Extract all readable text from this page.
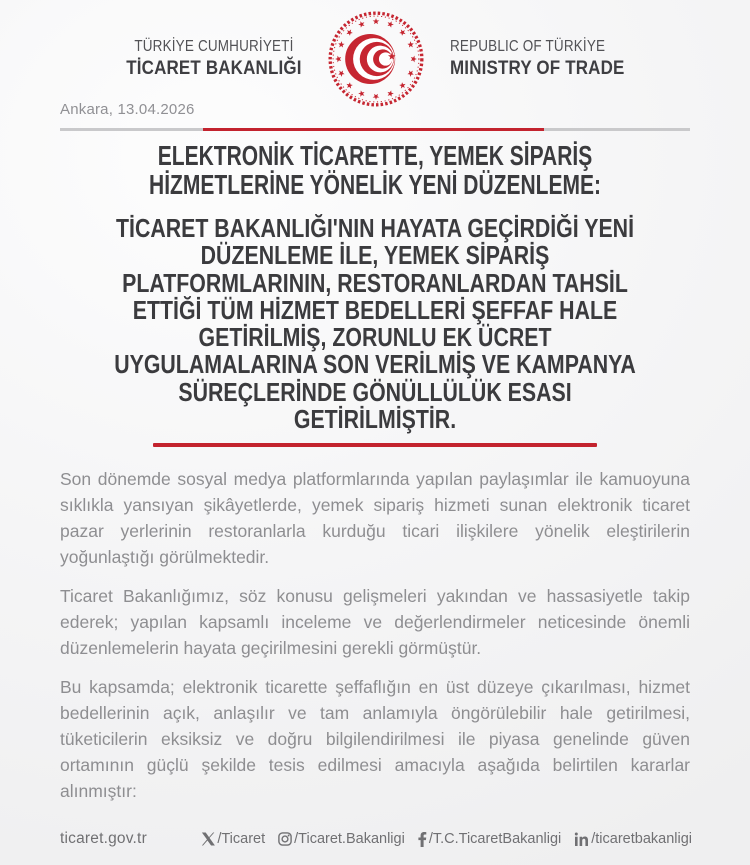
TÜRKİYE CUMHURİYETİ
TİCARET BAKANLIĞI
REPUBLIC OF TÜRKİYE
MINISTRY OF TRADE
Ankara, 13.04.2026
ELEKTRONİK TİCARETTE, YEMEK SİPARİŞ
HİZMETLERİNE YÖNELİK YENİ DÜZENLEME:
TİCARET BAKANLIĞI'NIN HAYATA GEÇİRDİĞİ YENİ
DÜZENLEME İLE, YEMEK SİPARİŞ
PLATFORMLARININ, RESTORANLARDAN TAHSİL
ETTİĞİ TÜM HİZMET BEDELLERİ ŞEFFAF HALE
GETİRİLMİŞ, ZORUNLU EK ÜCRET
UYGULAMALARINA SON VERİLMİŞ VE KAMPANYA
SÜREÇLERİNDE GÖNÜLLÜLÜK ESASI
GETİRİLMİŞTİR.

Son dönemde sosyal medya platformlarında yapılan paylaşımlar ile kamuoyuna sıklıkla yansıyan şikâyetlerde, yemek sipariş hizmeti sunan elektronik ticaret pazar yerlerinin restoranlarla kurduğu ticari ilişkilere yönelik eleştirilerin yoğunlaştığı görülmektedir.

Ticaret Bakanlığımız, söz konusu gelişmeleri yakından ve hassasiyetle takip ederek; yapılan kapsamlı inceleme ve değerlendirmeler neticesinde önemli düzenlemelerin hayata geçirilmesini gerekli görmüştür.

Bu kapsamda; elektronik ticarette şeffaflığın en üst düzeye çıkarılması, hizmet bedellerinin açık, anlaşılır ve tam anlamıyla öngörülebilir hale getirilmesi, tüketicilerin eksiksiz ve doğru bilgilendirilmesi ile piyasa genelinde güven ortamının güçlü şekilde tesis edilmesi amacıyla aşağıda belirtilen kararlar alınmıştır:

ticaret.gov.tr	/Ticaret /Ticaret.Bakanligi /T.C.TicaretBakanligi /ticaretbakanligi
